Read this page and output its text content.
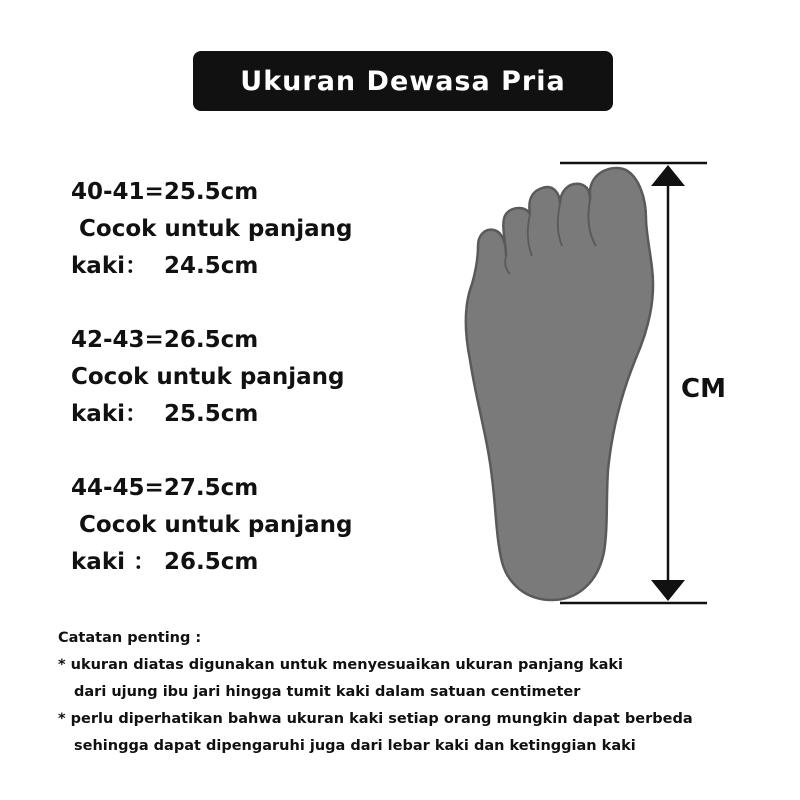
Ukuran Dewasa Pria
40-41=25.5cm
Cocok untuk panjang
kaki：  24.5cm
42-43=26.5cm
Cocok untuk panjang
kaki：  25.5cm
44-45=27.5cm
Cocok untuk panjang
kaki ： 26.5cm
CM
Catatan penting :
* ukuran diatas digunakan untuk menyesuaikan ukuran panjang kaki
dari ujung ibu jari hingga tumit kaki dalam satuan centimeter
* perlu diperhatikan bahwa ukuran kaki setiap orang mungkin dapat berbeda
sehingga dapat dipengaruhi juga dari lebar kaki dan ketinggian kaki
